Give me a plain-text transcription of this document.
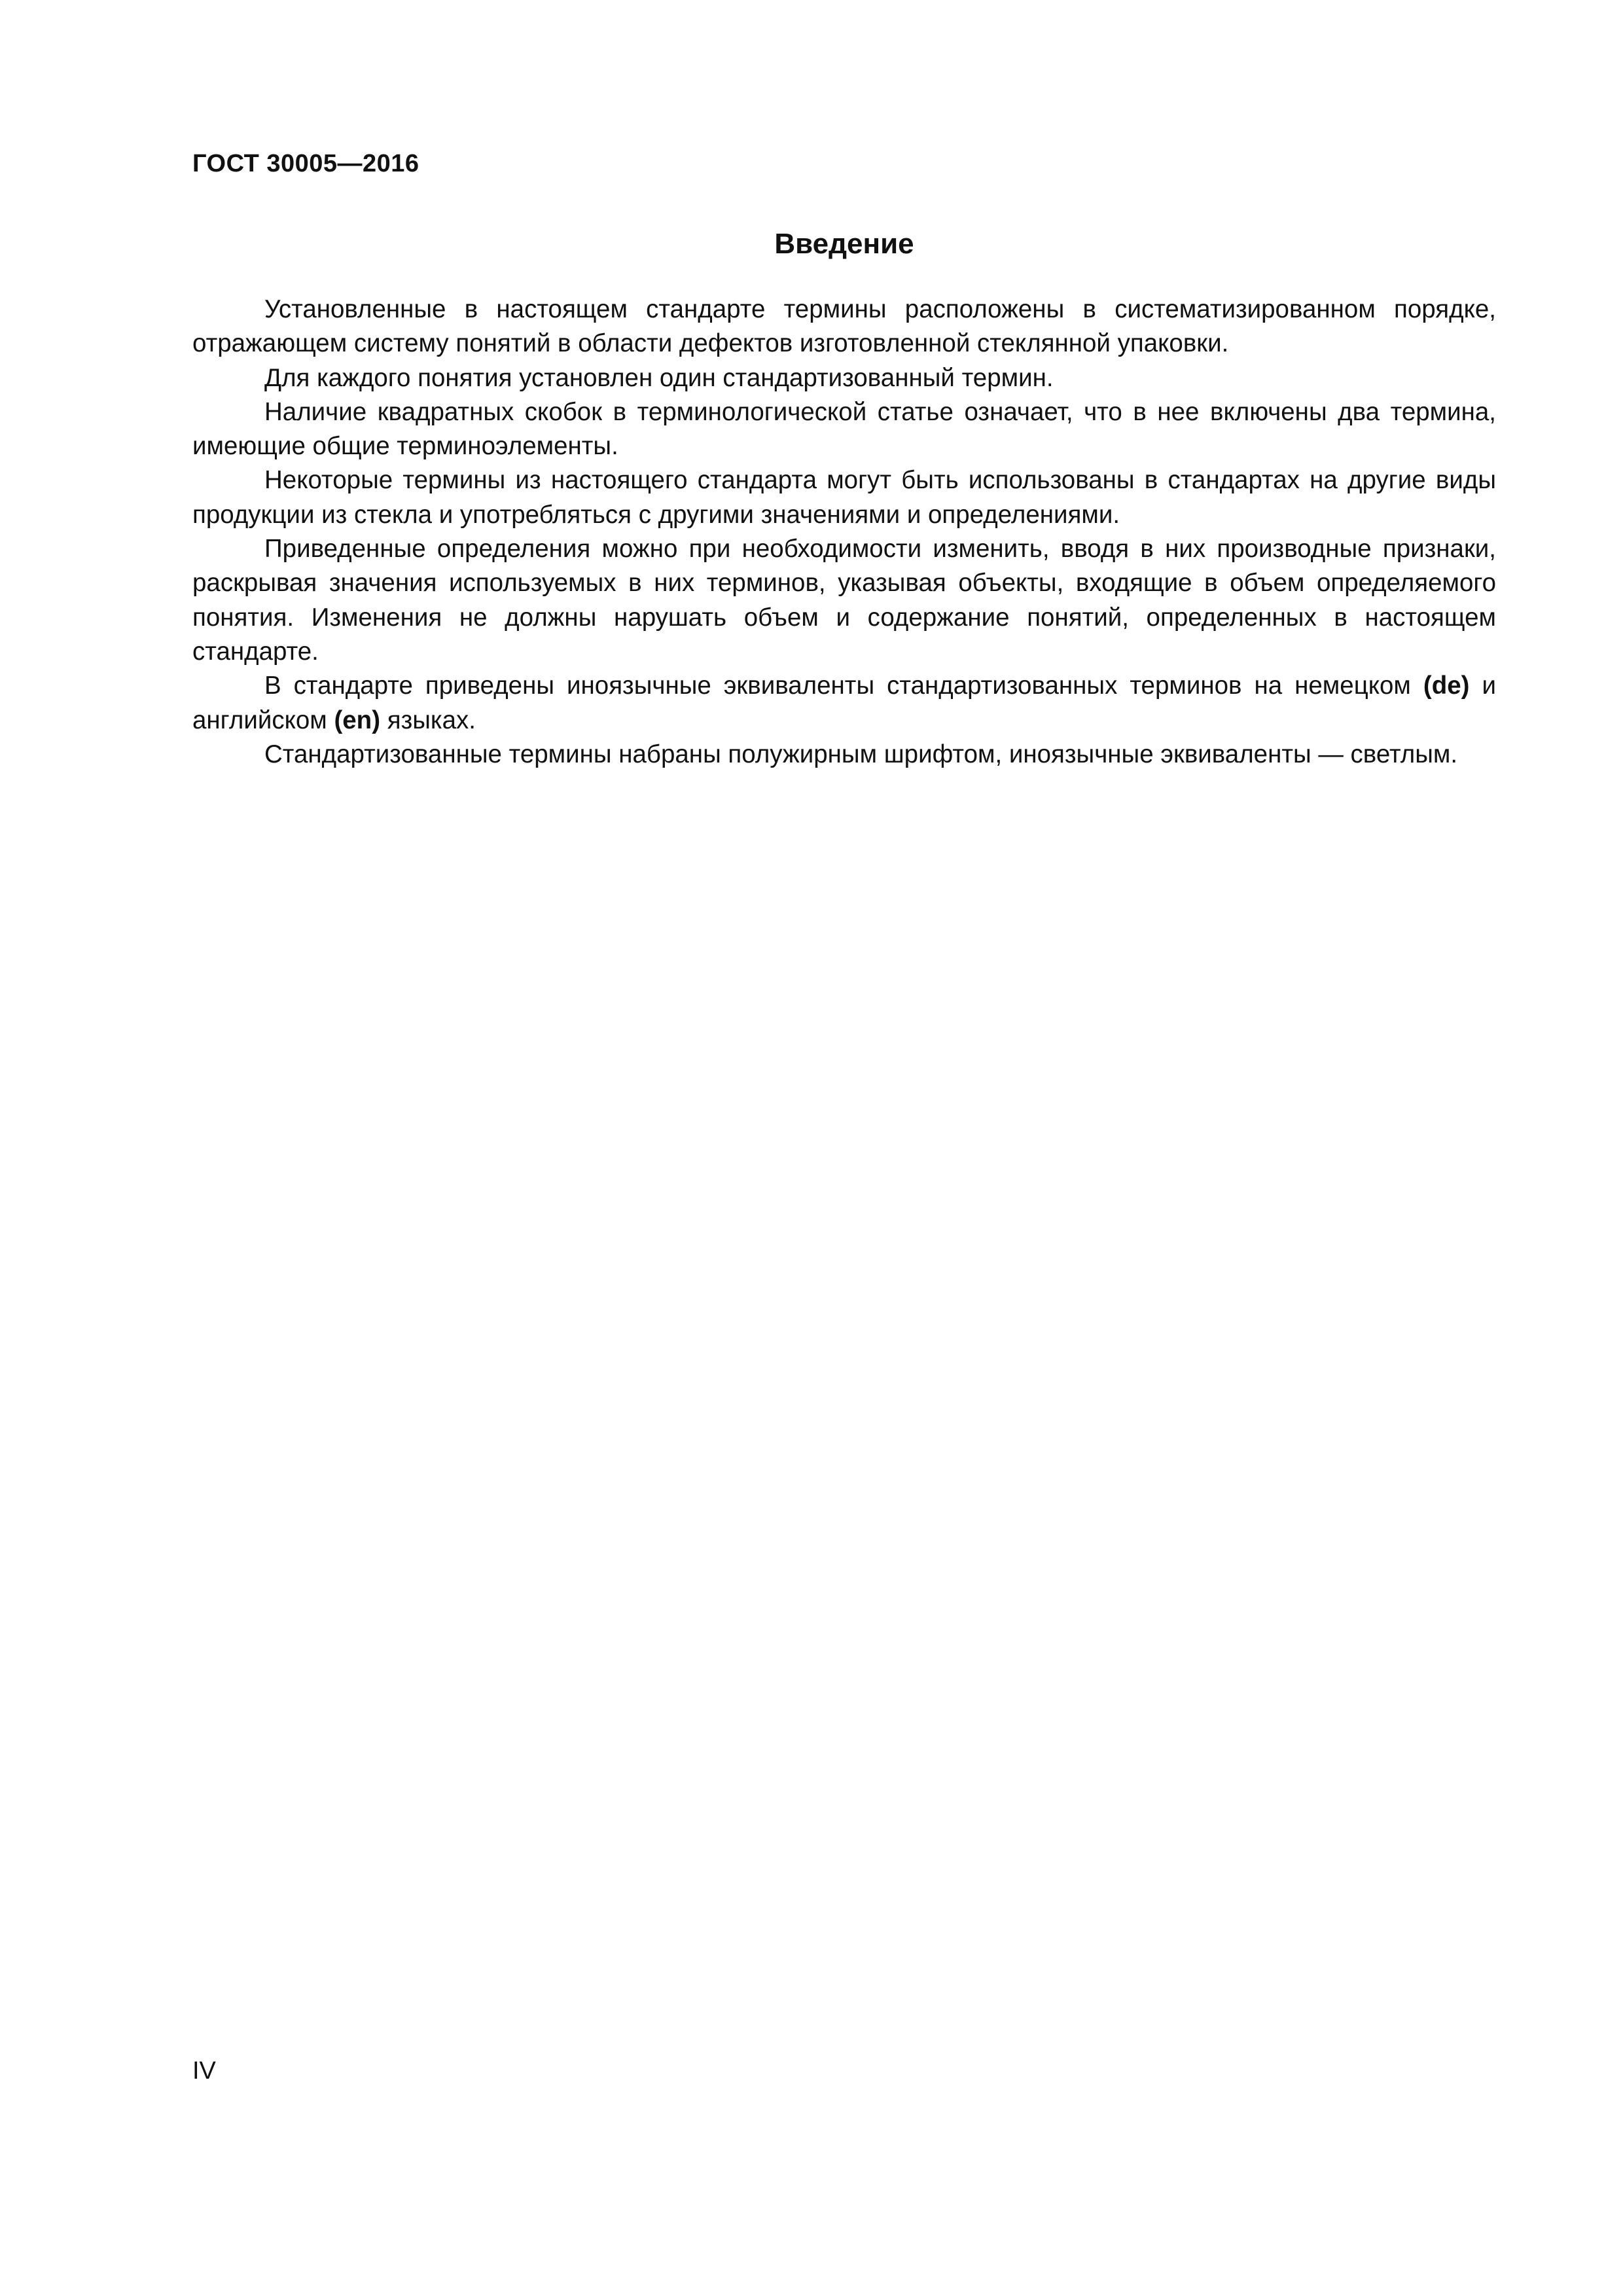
ГОСТ 30005—2016
Введение

Установленные в настоящем стандарте термины расположены в систематизированном порядке, отражающем систему понятий в области дефектов изготовленной стеклянной упаковки.

Для каждого понятия установлен один стандартизованный термин.

Наличие квадратных скобок в терминологической статье означает, что в нее включены два термина, имеющие общие терминоэлементы.

Некоторые термины из настоящего стандарта могут быть использованы в стандартах на другие виды продукции из стекла и употребляться с другими значениями и определениями.

Приведенные определения можно при необходимости изменить, вводя в них производные признаки, раскрывая значения используемых в них терминов, указывая объекты, входящие в объем определяемого понятия. Изменения не должны нарушать объем и содержание понятий, определенных в настоящем стандарте.

В стандарте приведены иноязычные эквиваленты стандартизованных терминов на немецком (de) и английском (en) языках.

Стандартизованные термины набраны полужирным шрифтом, иноязычные эквиваленты — светлым.

IV
